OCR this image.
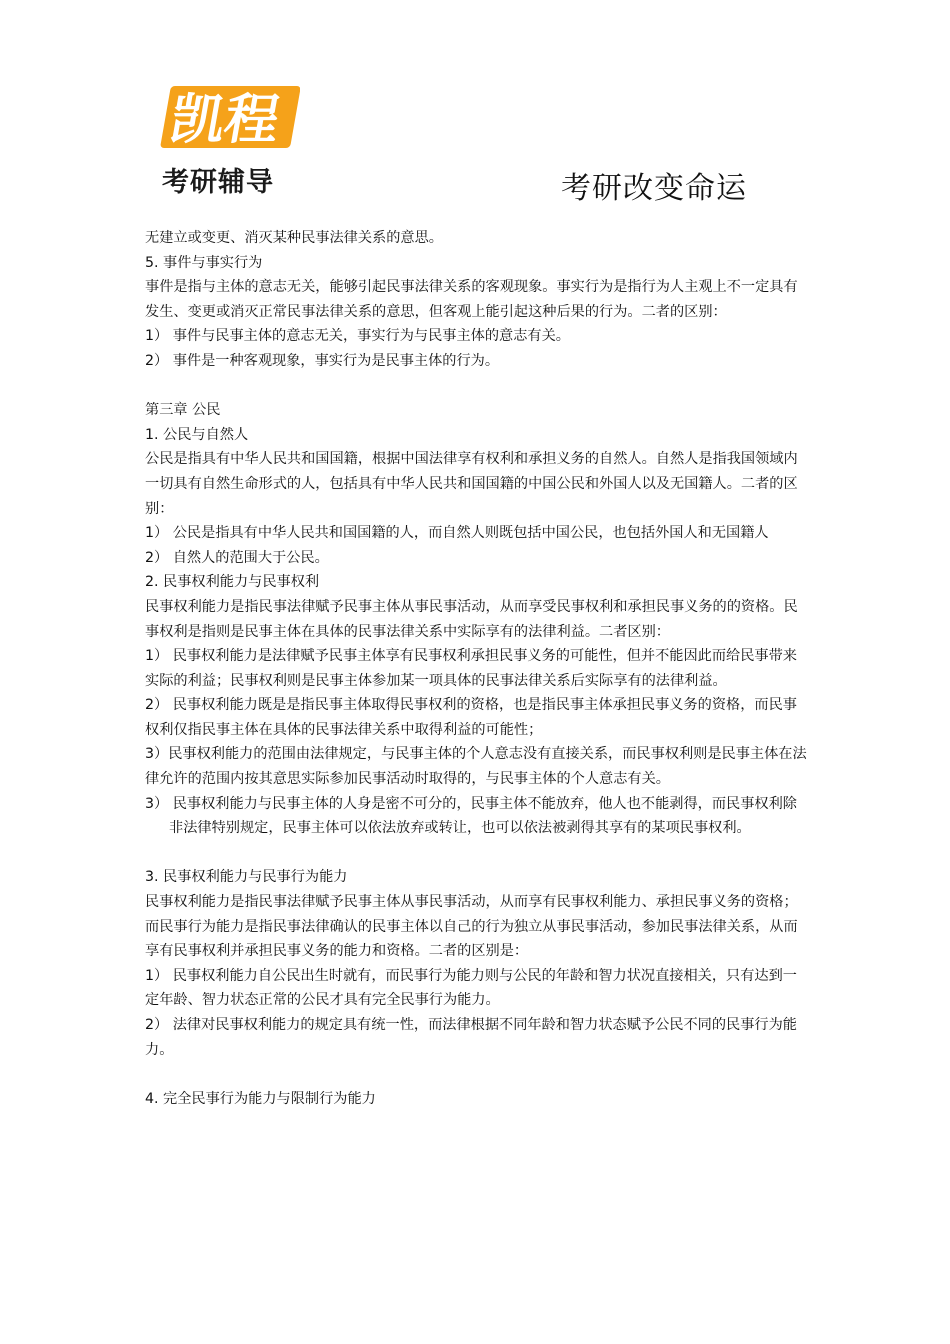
凯程
考研辅导	考研改变命运

无建立或变更、消灭某种民事法律关系的意思。

5. 事件与事实行为

事件是指与主体的意志无关，能够引起民事法律关系的客观现象。事实行为是指行为人主观上不一定具有发生、变更或消灭正常民事法律关系的意思，但客观上能引起这种后果的行为。二者的区别：

1） 事件与民事主体的意志无关，事实行为与民事主体的意志有关。

2） 事件是一种客观现象，事实行为是民事主体的行为。

第三章 公民

1. 公民与自然人

公民是指具有中华人民共和国国籍，根据中国法律享有权利和承担义务的自然人。自然人是指我国领域内一切具有自然生命形式的人，包括具有中华人民共和国国籍的中国公民和外国人以及无国籍人。二者的区别：

1） 公民是指具有中华人民共和国国籍的人，而自然人则既包括中国公民，也包括外国人和无国籍人

2） 自然人的范围大于公民。

2. 民事权利能力与民事权利

民事权利能力是指民事法律赋予民事主体从事民事活动，从而享受民事权利和承担民事义务的的资格。民事权利是指则是民事主体在具体的民事法律关系中实际享有的法律利益。二者区别：

1） 民事权利能力是法律赋予民事主体享有民事权利承担民事义务的可能性，但并不能因此而给民事带来实际的利益；民事权利则是民事主体参加某一项具体的民事法律关系后实际享有的法律利益。

2） 民事权利能力既是是指民事主体取得民事权利的资格，也是指民事主体承担民事义务的资格，而民事权利仅指民事主体在具体的民事法律关系中取得利益的可能性；

3）民事权利能力的范围由法律规定，与民事主体的个人意志没有直接关系，而民事权利则是民事主体在法律允许的范围内按其意思实际参加民事活动时取得的，与民事主体的个人意志有关。

3） 民事权利能力与民事主体的人身是密不可分的，民事主体不能放弃，他人也不能剥得，而民事权利除非法律特别规定，民事主体可以依法放弃或转让，也可以依法被剥得其享有的某项民事权利。

3. 民事权利能力与民事行为能力

民事权利能力是指民事法律赋予民事主体从事民事活动，从而享有民事权利能力、承担民事义务的资格；而民事行为能力是指民事法律确认的民事主体以自己的行为独立从事民事活动，参加民事法律关系，从而享有民事权利并承担民事义务的能力和资格。二者的区别是：

1） 民事权利能力自公民出生时就有，而民事行为能力则与公民的年龄和智力状况直接相关，只有达到一定年龄、智力状态正常的公民才具有完全民事行为能力。

2） 法律对民事权利能力的规定具有统一性，而法律根据不同年龄和智力状态赋予公民不同的民事行为能力。

4. 完全民事行为能力与限制行为能力
